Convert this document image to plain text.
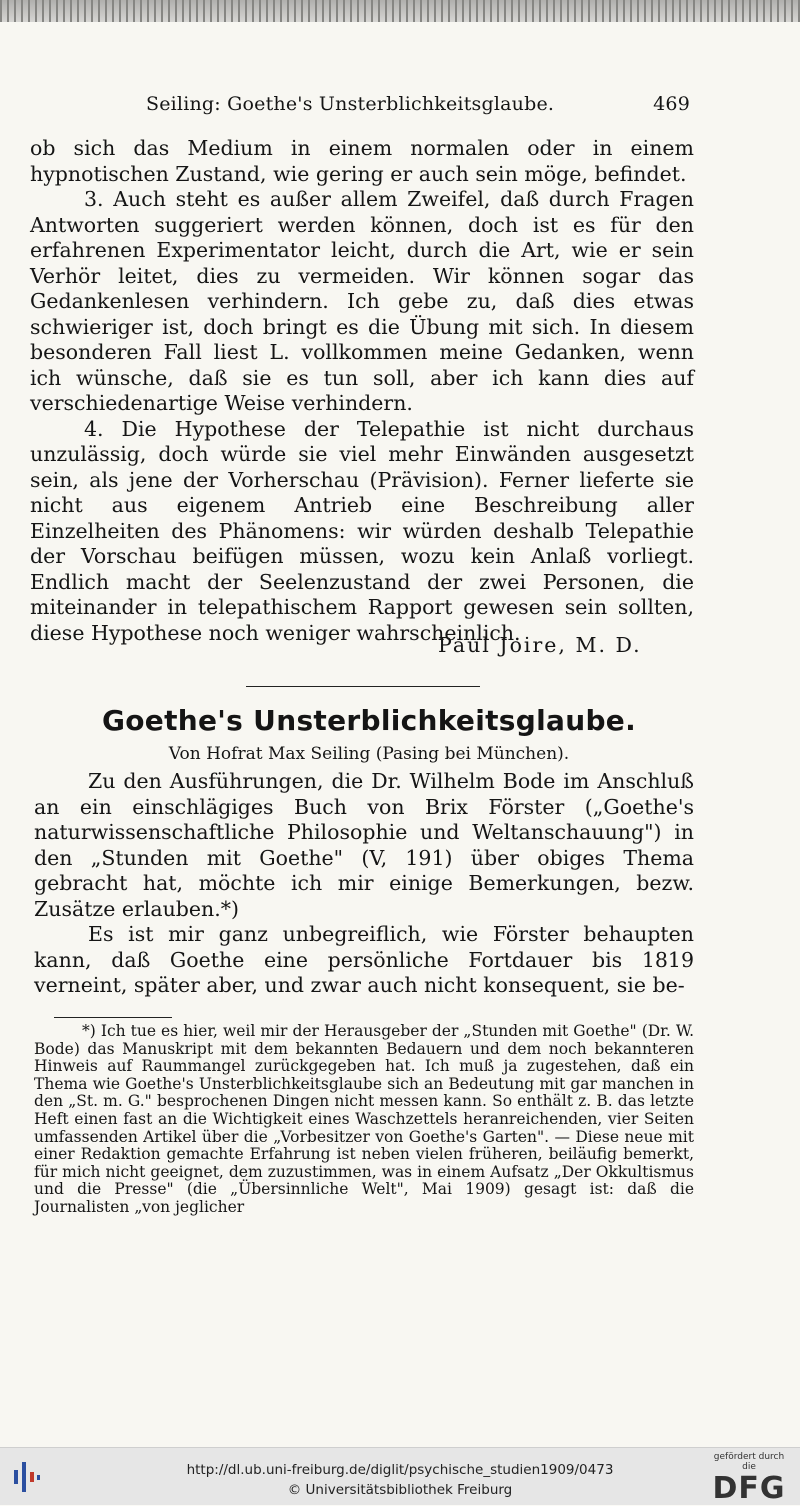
Seiling: Goethe's Unsterblichkeitsglaube.	469

ob sich das Medium in einem normalen oder in einem hypnotischen Zustand, wie gering er auch sein möge, befindet.

3. Auch steht es außer allem Zweifel, daß durch Fragen Antworten suggeriert werden können, doch ist es für den erfahrenen Experimentator leicht, durch die Art, wie er sein Verhör leitet, dies zu vermeiden. Wir können sogar das Gedankenlesen verhindern. Ich gebe zu, daß dies etwas schwieriger ist, doch bringt es die Übung mit sich. In diesem besonderen Fall liest L. vollkommen meine Gedanken, wenn ich wünsche, daß sie es tun soll, aber ich kann dies auf verschiedenartige Weise verhindern.

4. Die Hypothese der Telepathie ist nicht durchaus unzulässig, doch würde sie viel mehr Einwänden ausgesetzt sein, als jene der Vorherschau (Prävision). Ferner lieferte sie nicht aus eigenem Antrieb eine Beschreibung aller Einzelheiten des Phänomens: wir würden deshalb Telepathie der Vorschau beifügen müssen, wozu kein Anlaß vorliegt. Endlich macht der Seelenzustand der zwei Personen, die miteinander in telepathischem Rapport gewesen sein sollten, diese Hypothese noch weniger wahrscheinlich.

Paul Joire, M. D.
Goethe's Unsterblichkeitsglaube.
Von Hofrat Max Seiling (Pasing bei München).

Zu den Ausführungen, die Dr. Wilhelm Bode im Anschluß an ein einschlägiges Buch von Brix Förster („Goethe's naturwissenschaftliche Philosophie und Weltanschauung") in den „Stunden mit Goethe" (V, 191) über obiges Thema gebracht hat, möchte ich mir einige Bemerkungen, bezw. Zusätze erlauben.*)

Es ist mir ganz unbegreiflich, wie Förster behaupten kann, daß Goethe eine persönliche Fortdauer bis 1819 verneint, später aber, und zwar auch nicht konsequent, sie be-

*) Ich tue es hier, weil mir der Herausgeber der „Stunden mit Goethe" (Dr. W. Bode) das Manuskript mit dem bekannten Bedauern und dem noch bekannteren Hinweis auf Raummangel zurückgegeben hat. Ich muß ja zugestehen, daß ein Thema wie Goethe's Unsterblichkeitsglaube sich an Bedeutung mit gar manchen in den „St. m. G." besprochenen Dingen nicht messen kann. So enthält z. B. das letzte Heft einen fast an die Wichtigkeit eines Waschzettels heranreichenden, vier Seiten umfassenden Artikel über die „Vorbesitzer von Goethe's Garten". — Diese neue mit einer Redaktion gemachte Erfahrung ist neben vielen früheren, beiläufig bemerkt, für mich nicht geeignet, dem zuzustimmen, was in einem Aufsatz „Der Okkultismus und die Presse" (die „Übersinnliche Welt", Mai 1909) gesagt ist: daß die Journalisten „von jeglicher

http://dl.ub.uni-freiburg.de/diglit/psychische_studien1909/0473
© Universitätsbibliothek Freiburg
gefördert durch die
DFG
